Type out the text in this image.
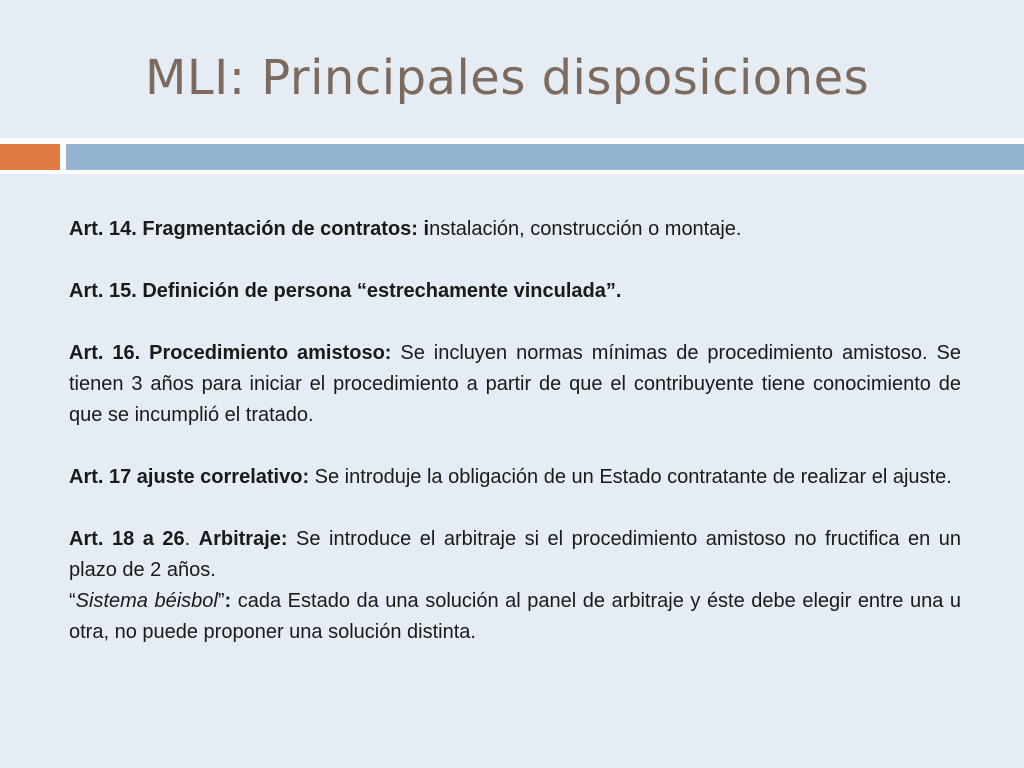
MLI: Principales disposiciones

Art. 14. Fragmentación de contratos: instalación, construcción o montaje.

Art. 15. Definición de persona “estrechamente vinculada”.

Art. 16. Procedimiento amistoso: Se incluyen normas mínimas de procedimiento amistoso. Se tienen 3 años para iniciar el procedimiento a partir de que el contribuyente tiene conocimiento de que se incumplió el tratado.

Art. 17 ajuste correlativo: Se introduje la obligación de un Estado contratante de realizar el ajuste.

Art. 18 a 26. Arbitraje: Se introduce el arbitraje si el procedimiento amistoso no fructifica en un plazo de 2 años.

“Sistema béisbol”: cada Estado da una solución al panel de arbitraje y éste debe elegir entre una u otra, no puede proponer una solución distinta.
